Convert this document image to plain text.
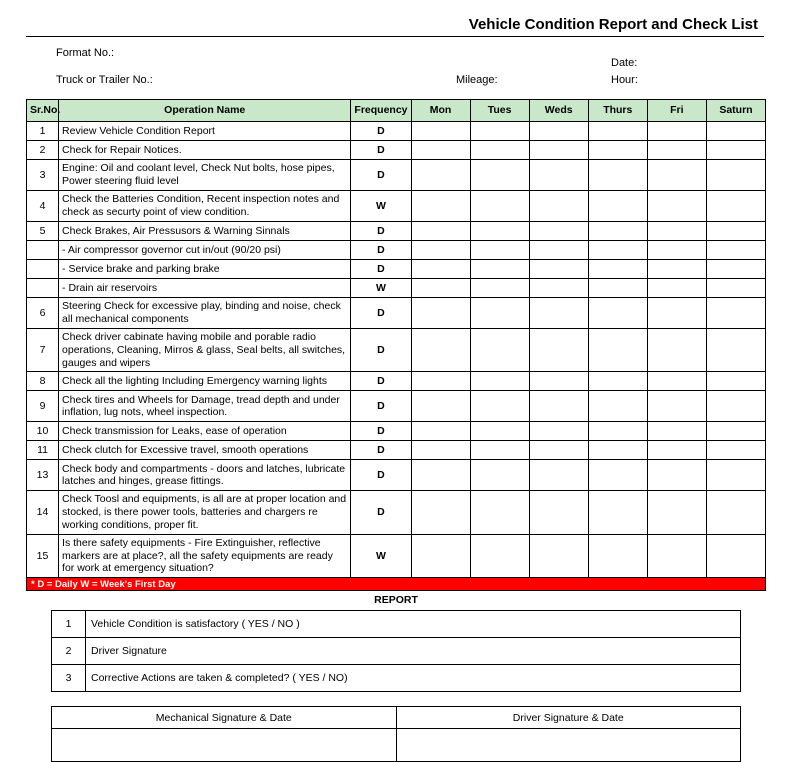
Vehicle Condition Report and Check List
Format No.:
Date:
Truck or Trailer No.:	Mileage:	Hour:
Sr.No.	Operation Name	Frequency	Mon	Tues	Weds	Thurs	Fri	Saturn
1	Review Vehicle Condition Report	D						
2	Check for Repair Notices.	D						
3	Engine: Oil and coolant level, Check Nut bolts, hose pipes, Power steering fluid level	D						
4	Check the Batteries Condition, Recent inspection notes and check as securty point of view condition.	W						
5	Check Brakes, Air Pressusors & Warning Sinnals	D						
	- Air compressor governor cut in/out (90/20 psi)	D						
	- Service brake and parking brake	D						
	- Drain air reservoirs	W						
6	Steering Check for excessive play, binding and noise, check all mechanical components	D						
7	Check driver cabinate having mobile and porable radio operations, Cleaning, Mirros & glass, Seal belts, all switches, gauges and wipers	D						
8	Check all the lighting Including Emergency warning lights	D						
9	Check tires and Wheels for Damage, tread depth and under inflation, lug nots, wheel inspection.	D						
10	Check transmission for Leaks, ease of operation	D						
11	Check clutch for Excessive travel, smooth operations	D						
13	Check body and compartments - doors and latches, lubricate latches and hinges, grease fittings.	D						
14	Check Toosl and equipments, is all are at proper location and stocked, is there power tools, batteries and chargers re working conditions, proper fit.	D						
15	Is there safety equipments - Fire Extinguisher, reflective markers are at place?, all the safety equipments are ready for work at emergency situation?	W						
* D = Daily W = Week's First Day
REPORT
1	Vehicle Condition is satisfactory ( YES / NO )
2	Driver Signature
3	Corrective Actions are taken & completed? ( YES / NO)
Mechanical Signature & Date	Driver Signature & Date
